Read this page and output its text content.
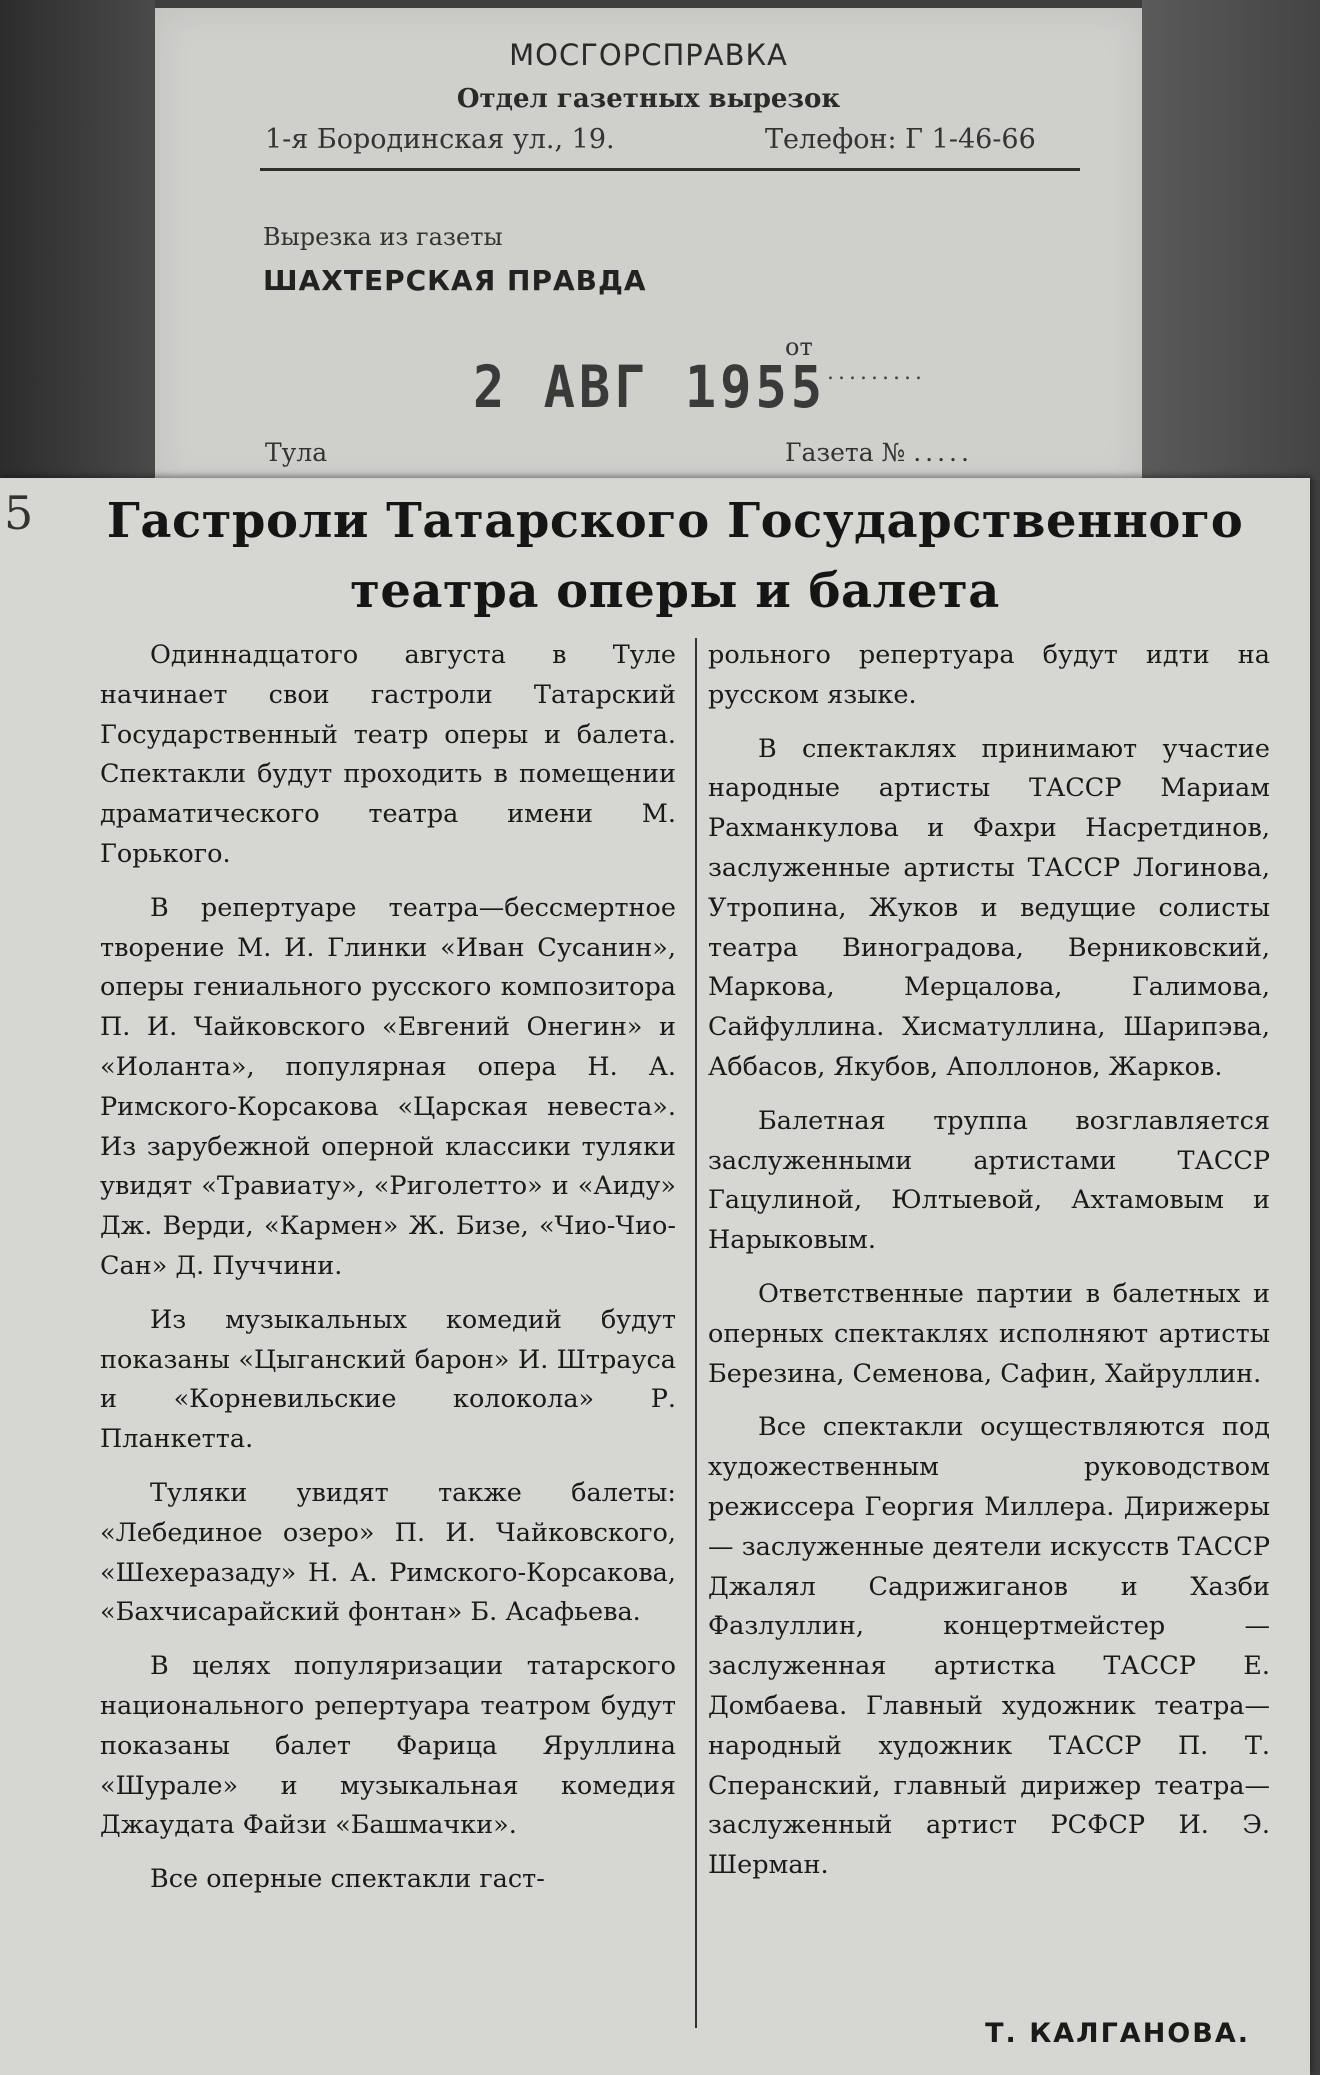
МОСГОРСПРАВКА
Отдел газетных вырезок
1-я Бородинская ул., 19.	Телефон: Г 1-46-66
Вырезка из газеты
ШАХТЕРСКАЯ ПРАВДА
от
.........
2 АВГ 1955
Тула	Газета № .....
5	Гастроли Татарского Государственного
театра оперы и балета

Одиннадцатого августа в Туле начинает свои гастроли Татарский Государственный театр оперы и балета. Спектакли будут проходить в помещении драматического театра имени М. Горького.

В репертуаре театра—бессмертное творение М. И. Глинки «Иван Сусанин», оперы гениального русского композитора П. И. Чайковского «Евгений Онегин» и «Иоланта», популярная опера Н. А. Римского-Корсакова «Царская невеста». Из зарубежной оперной классики туляки увидят «Травиату», «Риголетто» и «Аиду» Дж. Верди, «Кармен» Ж. Бизе, «Чио-Чио-Сан» Д. Пуччини.

Из музыкальных комедий будут показаны «Цыганский барон» И. Штрауса и «Корневильские колокола» Р. Планкетта.

Туляки увидят также балеты: «Лебединое озеро» П. И. Чайковского, «Шехеразаду» Н. А. Римского-Корсакова, «Бахчисарайский фонтан» Б. Асафьева.

В целях популяризации татарского национального репертуара театром будут показаны балет Фарица Яруллина «Шурале» и музыкальная комедия Джаудата Файзи «Башмачки».

Все оперные спектакли гаст-

рольного репертуара будут идти на русском языке.

В спектаклях принимают участие народные артисты ТАССР Мариам Рахманкулова и Фахри Насретдинов, заслуженные артисты ТАССР Логинова, Утропина, Жуков и ведущие солисты театра Виноградова, Верниковский, Маркова, Мерцалова, Галимова, Сайфуллина. Хисматуллина, Шарипэва, Аббасов, Якубов, Аполлонов, Жарков.

Балетная труппа возглавляется заслуженными артистами ТАССР Гацулиной, Юлтыевой, Ахтамовым и Нарыковым.

Ответственные партии в балетных и оперных спектаклях исполняют артисты Березина, Семенова, Сафин, Хайруллин.

Все спектакли осуществляются под художественным руководством режиссера Георгия Миллера. Дирижеры — заслуженные деятели искусств ТАССР Джалял Садрижиганов и Хазби Фазлуллин, концертмейстер — заслуженная артистка ТАССР Е. Домбаева. Главный художник театра—народный художник ТАССР П. Т. Сперанский, главный дирижер театра—заслуженный артист РСФСР И. Э. Шерман.

Т. КАЛГАНОВА.
